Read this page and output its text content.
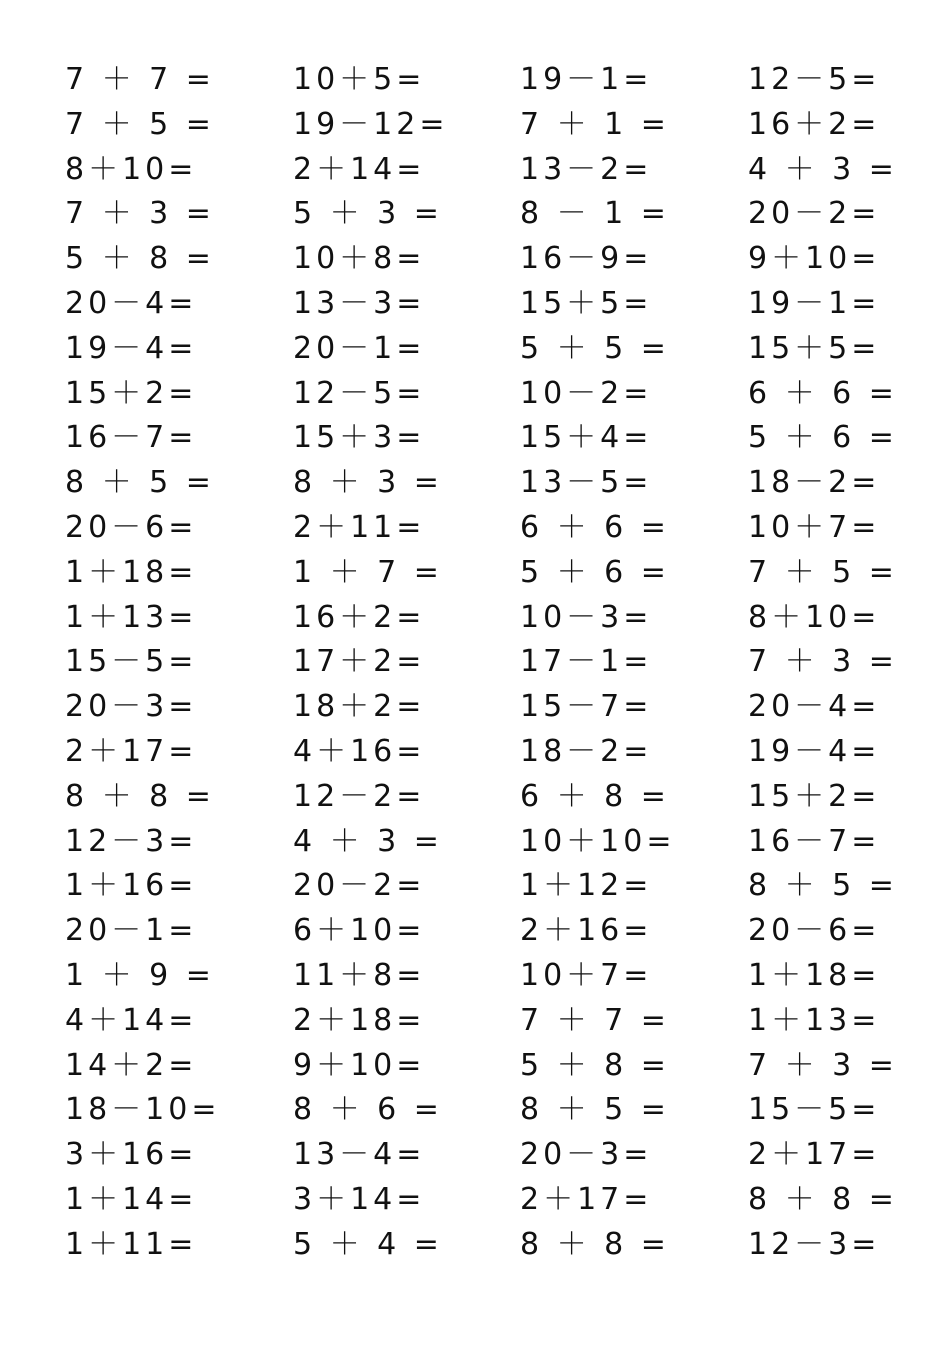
7 ＋ 7 =	10＋5=	19－1=	12－5=
7 ＋ 5 =	19－12=	7 ＋ 1 =	16＋2=
8＋10=	2＋14=	13－2=	4 ＋ 3 =
7 ＋ 3 =	5 ＋ 3 =	8 － 1 =	20－2=
5 ＋ 8 =	10＋8=	16－9=	9＋10=
20－4=	13－3=	15＋5=	19－1=
19－4=	20－1=	5 ＋ 5 =	15＋5=
15＋2=	12－5=	10－2=	6 ＋ 6 =
16－7=	15＋3=	15＋4=	5 ＋ 6 =
8 ＋ 5 =	8 ＋ 3 =	13－5=	18－2=
20－6=	2＋11=	6 ＋ 6 =	10＋7=
1＋18=	1 ＋ 7 =	5 ＋ 6 =	7 ＋ 5 =
1＋13=	16＋2=	10－3=	8＋10=
15－5=	17＋2=	17－1=	7 ＋ 3 =
20－3=	18＋2=	15－7=	20－4=
2＋17=	4＋16=	18－2=	19－4=
8 ＋ 8 =	12－2=	6 ＋ 8 =	15＋2=
12－3=	4 ＋ 3 =	10＋10=	16－7=
1＋16=	20－2=	1＋12=	8 ＋ 5 =
20－1=	6＋10=	2＋16=	20－6=
1 ＋ 9 =	11＋8=	10＋7=	1＋18=
4＋14=	2＋18=	7 ＋ 7 =	1＋13=
14＋2=	9＋10=	5 ＋ 8 =	7 ＋ 3 =
18－10=	8 ＋ 6 =	8 ＋ 5 =	15－5=
3＋16=	13－4=	20－3=	2＋17=
1＋14=	3＋14=	2＋17=	8 ＋ 8 =
1＋11=	5 ＋ 4 =	8 ＋ 8 =	12－3=
